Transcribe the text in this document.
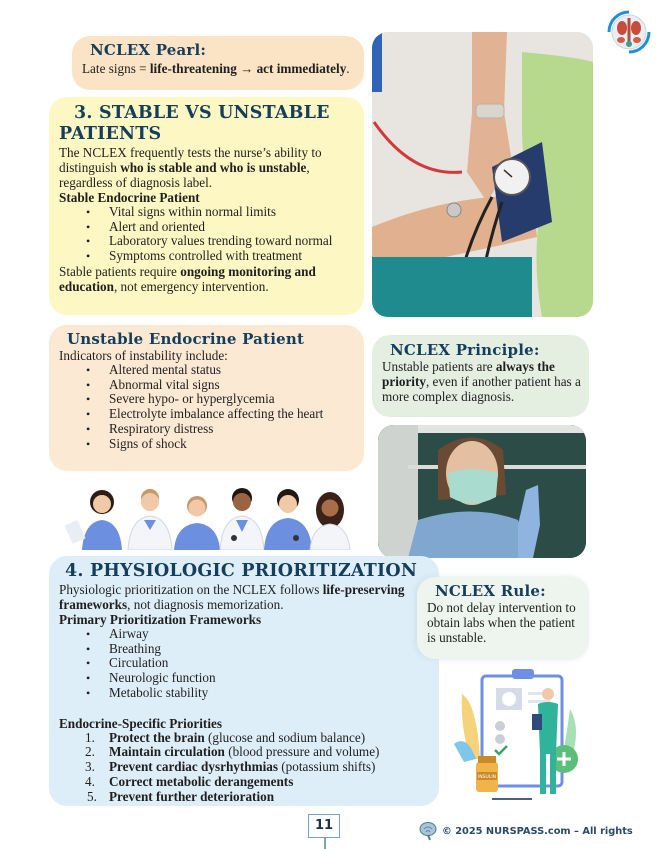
NCLEX Pearl:
Late signs = life-threatening → act immediately.
3. STABLE VS UNSTABLE
PATIENTS
The NCLEX frequently tests the nurse’s ability to distinguish who is stable and who is unstable, regardless of diagnosis label.
Stable Endocrine Patient
• Vital signs within normal limits
• Alert and oriented
• Laboratory values trending toward normal
• Symptoms controlled with treatment
Stable patients require ongoing monitoring and education, not emergency intervention.
Unstable Endocrine Patient
Indicators of instability include:
• Altered mental status
• Abnormal vital signs
• Severe hypo- or hyperglycemia
• Electrolyte imbalance affecting the heart
• Respiratory distress
• Signs of shock
NCLEX Principle:
Unstable patients are always the priority, even if another patient has a more complex diagnosis.
4. PHYSIOLOGIC PRIORITIZATION
Physiologic prioritization on the NCLEX follows life-preserving frameworks, not diagnosis memorization.
Primary Prioritization Frameworks
• Airway
• Breathing
• Circulation
• Neurologic function
• Metabolic stability
Endocrine-Specific Priorities
1. Protect the brain (glucose and sodium balance)
2. Maintain circulation (blood pressure and volume)
3. Prevent cardiac dysrhythmias (potassium shifts)
4. Correct metabolic derangements
5. Prevent further deterioration
NCLEX Rule:
Do not delay intervention to obtain labs when the patient is unstable.
INSULIN
11	© 2025 NURSPASS.com – All rights
